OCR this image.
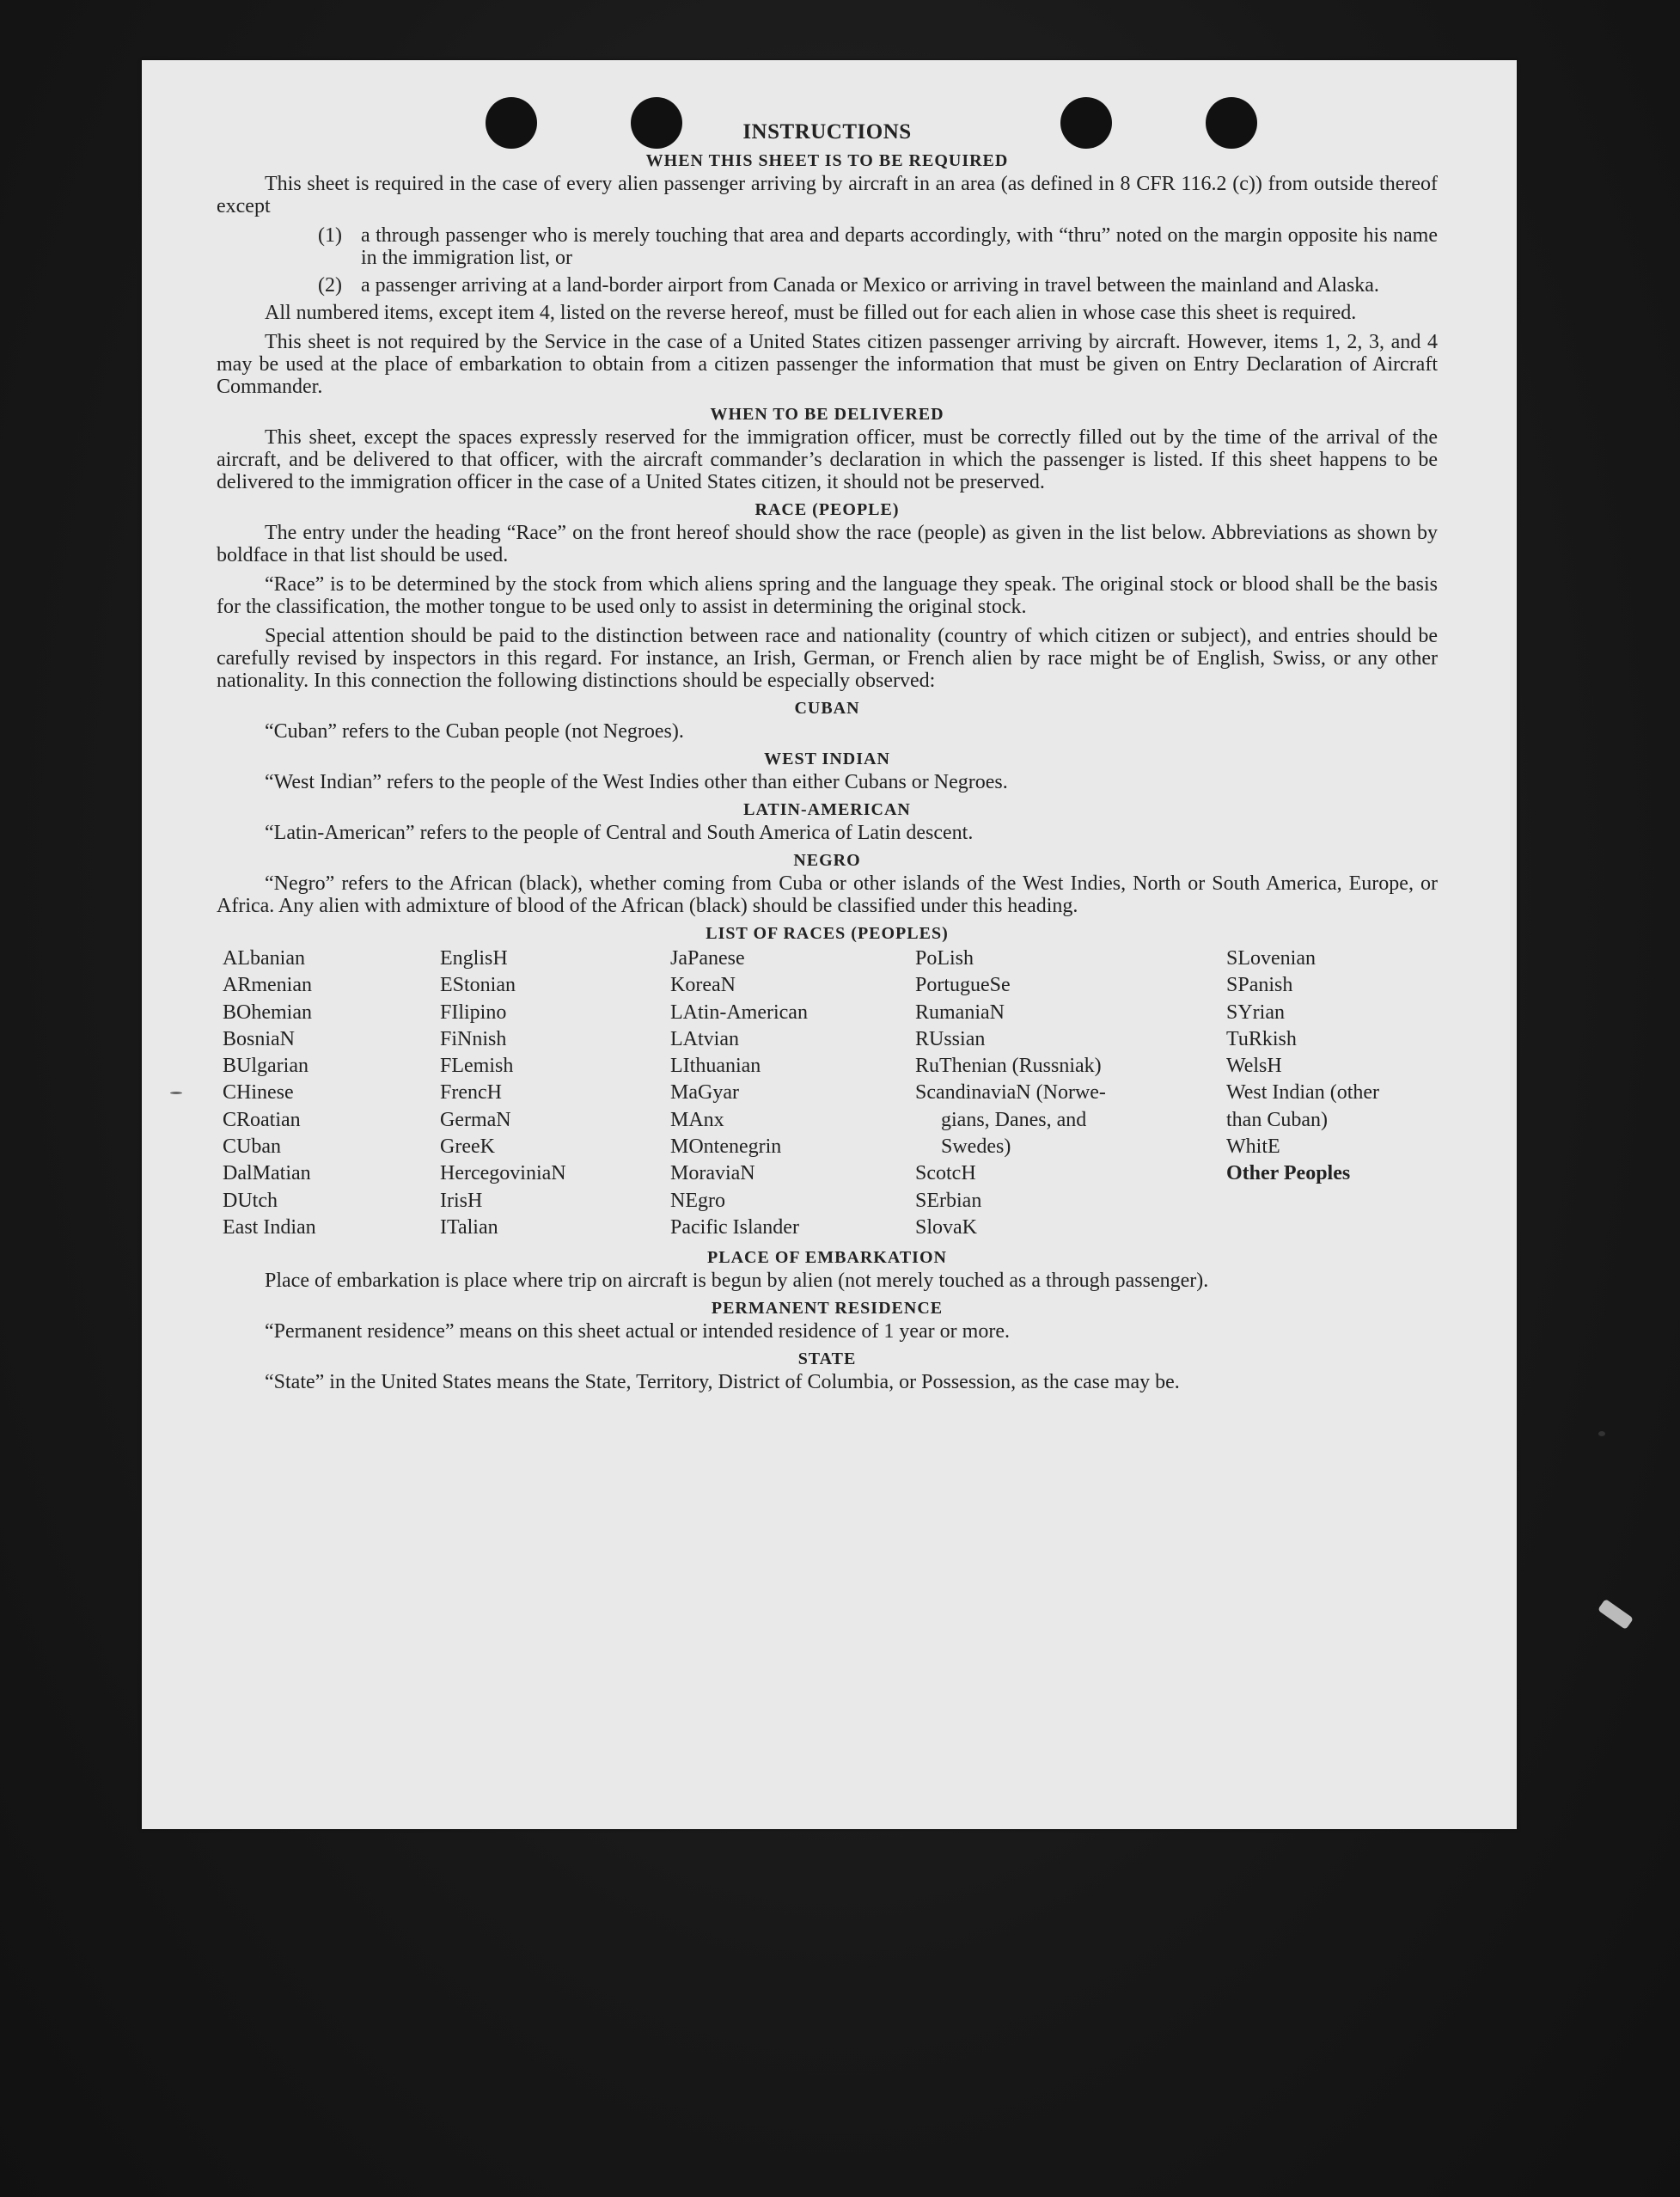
INSTRUCTIONS
WHEN THIS SHEET IS TO BE REQUIRED

This sheet is required in the case of every alien passenger arriving by aircraft in an area (as defined in 8 CFR 116.2 (c)) from outside thereof except

(1) a through passenger who is merely touching that area and departs accordingly, with “thru” noted on the margin opposite his name in the immigration list, or
(2) a passenger arriving at a land-border airport from Canada or Mexico or arriving in travel between the mainland and Alaska.

All numbered items, except item 4, listed on the reverse hereof, must be filled out for each alien in whose case this sheet is required.

This sheet is not required by the Service in the case of a United States citizen passenger arriving by aircraft. However, items 1, 2, 3, and 4 may be used at the place of embarkation to obtain from a citizen passenger the information that must be given on Entry Declaration of Aircraft Commander.

WHEN TO BE DELIVERED

This sheet, except the spaces expressly reserved for the immigration officer, must be correctly filled out by the time of the arrival of the aircraft, and be delivered to that officer, with the aircraft commander’s declaration in which the passenger is listed. If this sheet happens to be delivered to the immigration officer in the case of a United States citizen, it should not be preserved.

RACE (PEOPLE)

The entry under the heading “Race” on the front hereof should show the race (people) as given in the list below. Abbreviations as shown by boldface in that list should be used.

“Race” is to be determined by the stock from which aliens spring and the language they speak. The original stock or blood shall be the basis for the classification, the mother tongue to be used only to assist in determining the original stock.

Special attention should be paid to the distinction between race and nationality (country of which citizen or subject), and entries should be carefully revised by inspectors in this regard. For instance, an Irish, German, or French alien by race might be of English, Swiss, or any other nationality. In this connection the following distinctions should be especially observed:

CUBAN
“Cuban” refers to the Cuban people (not Negroes).
WEST INDIAN
“West Indian” refers to the people of the West Indies other than either Cubans or Negroes.
LATIN-AMERICAN
“Latin-American” refers to the people of Central and South America of Latin descent.
NEGRO

“Negro” refers to the African (black), whether coming from Cuba or other islands of the West Indies, North or South America, Europe, or Africa. Any alien with admixture of blood of the African (black) should be classified under this heading.

LIST OF RACES (PEOPLES)
ALbanian
ARmenian
BOhemian
BosniaN
BUlgarian
CHinese
CRoatian
CUban
DalMatian
DUtch
East Indian
EnglisH
EStonian
FIlipino
FiNnish
FLemish
FrencH
GermaN
GreeK
HercegoviniaN
IrisH
ITalian
JaPanese
KoreaN
LAtin-American
LAtvian
LIthuanian
MaGyar
MAnx
MOntenegrin
MoraviaN
NEgro
Pacific Islander
PoLish
PortugueSe
RumaniaN
RUssian
RuThenian (Russniak)
ScandinaviaN (Norwe-
gians, Danes, and
Swedes)
ScotcH
SErbian
SlovaK
SLovenian
SPanish
SYrian
TuRkish
WelsH
West Indian (other
than Cuban)
WhitE
Other Peoples
PLACE OF EMBARKATION

Place of embarkation is place where trip on aircraft is begun by alien (not merely touched as a through passenger).

PERMANENT RESIDENCE
“Permanent residence” means on this sheet actual or intended residence of 1 year or more.
STATE

“State” in the United States means the State, Territory, District of Columbia, or Possession, as the case may be.
